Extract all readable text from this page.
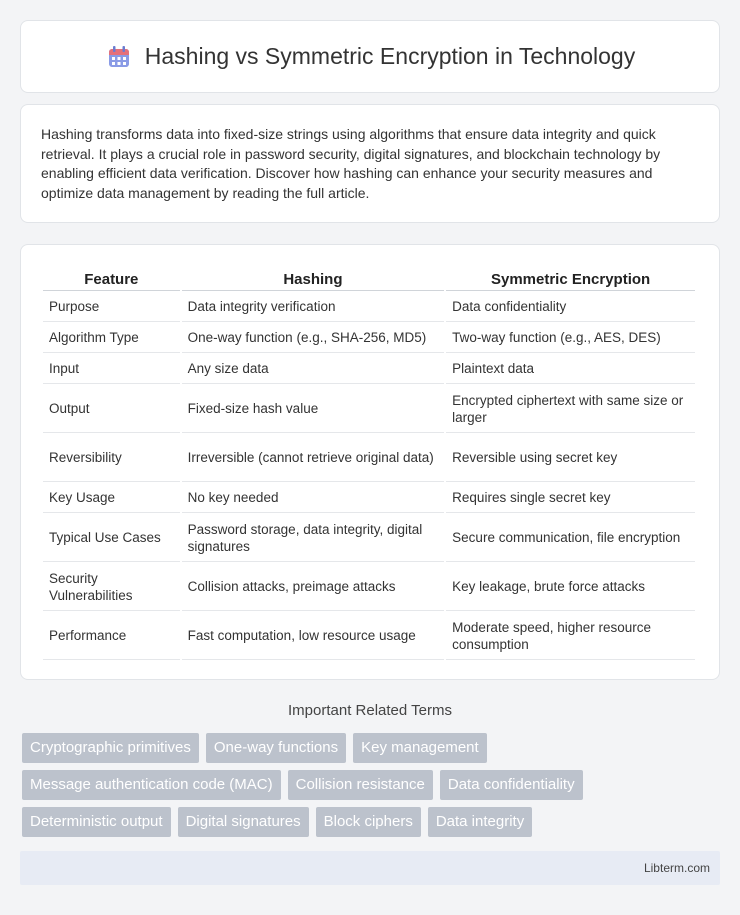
Hashing vs Symmetric Encryption in Technology

Hashing transforms data into fixed-size strings using algorithms that ensure data integrity and quick retrieval. It plays a crucial role in password security, digital signatures, and blockchain technology by enabling efficient data verification. Discover how hashing can enhance your security measures and optimize data management by reading the full article.

Feature	Hashing	Symmetric Encryption
Purpose	Data integrity verification	Data confidentiality
Algorithm Type	One-way function (e.g., SHA-256, MD5)	Two-way function (e.g., AES, DES)
Input	Any size data	Plaintext data
Output	Fixed-size hash value	Encrypted ciphertext with same size or larger
Reversibility	Irreversible (cannot retrieve original data)	Reversible using secret key
Key Usage	No key needed	Requires single secret key
Typical Use Cases	Password storage, data integrity, digital signatures	Secure communication, file encryption
Security Vulnerabilities	Collision attacks, preimage attacks	Key leakage, brute force attacks
Performance	Fast computation, low resource usage	Moderate speed, higher resource consumption
Important Related Terms
Cryptographic primitives	One-way functions	Key management
Message authentication code (MAC)	Collision resistance	Data confidentiality
Deterministic output	Digital signatures	Block ciphers	Data integrity
Libterm.com
